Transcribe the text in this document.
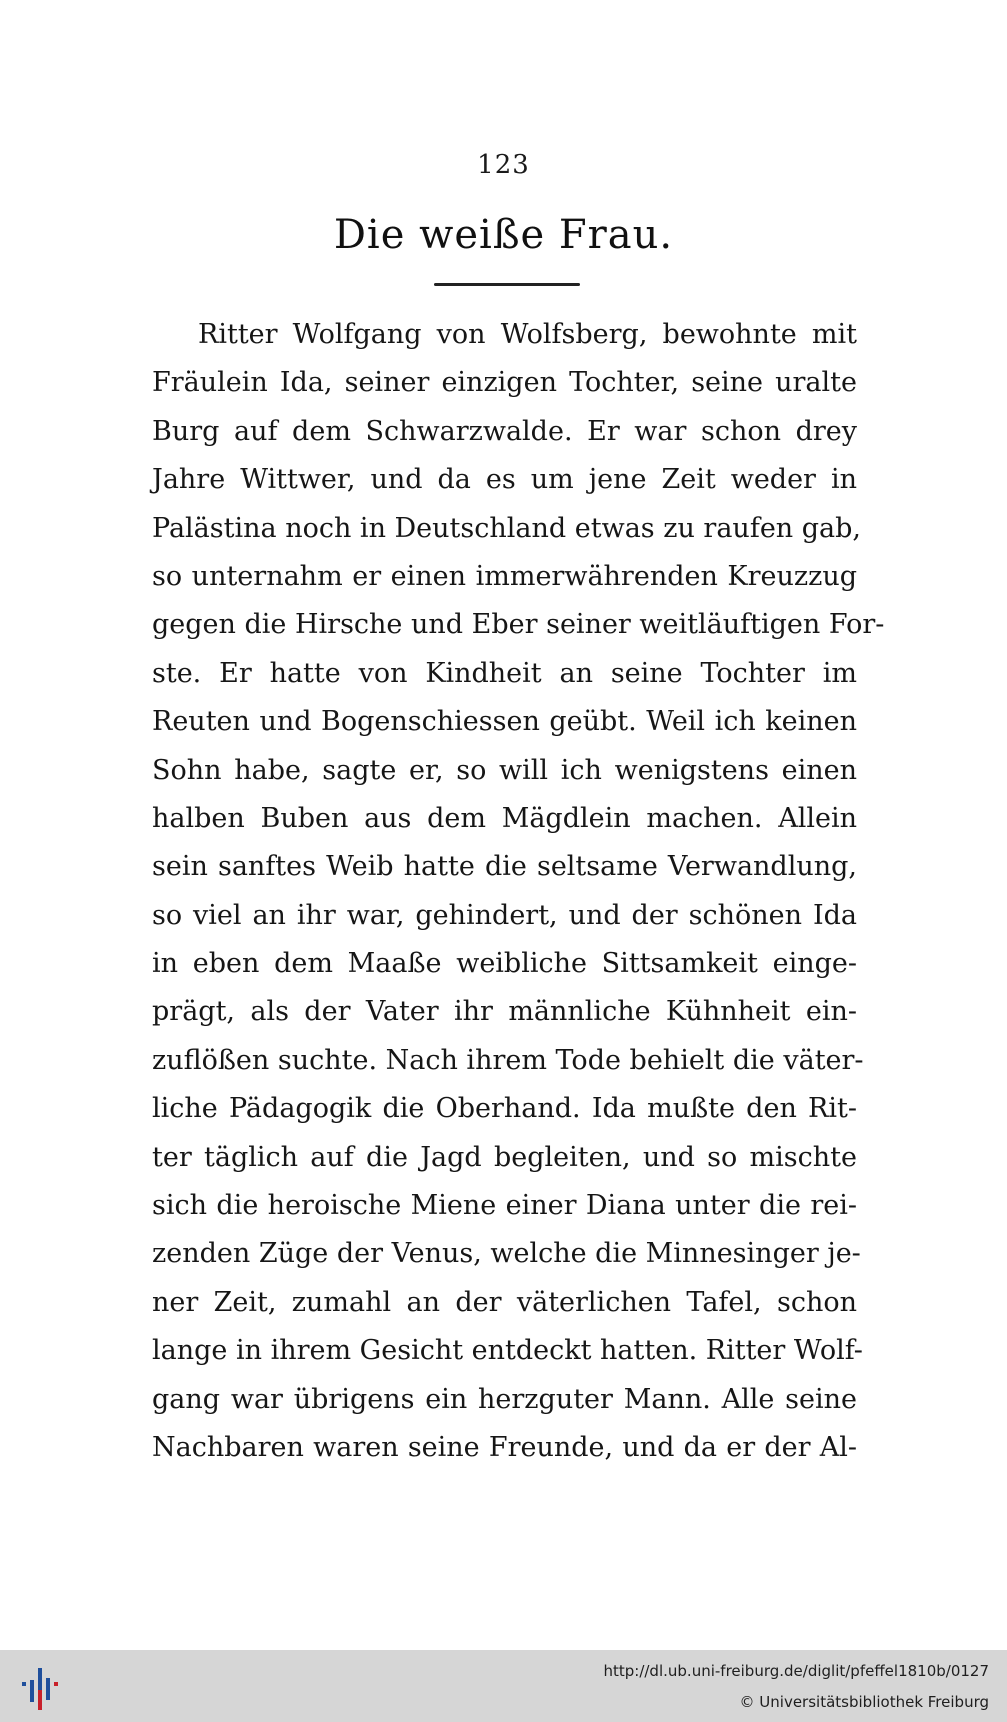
123
Die weiße Frau.
Ritter Wolfgang von Wolfsberg, bewohnte mit
Fräulein Ida, seiner einzigen Tochter, seine uralte
Burg auf dem Schwarzwalde. Er war schon drey
Jahre Wittwer, und da es um jene Zeit weder in
Palästina noch in Deutschland etwas zu raufen gab,
so unternahm er einen immerwährenden Kreuzzug
gegen die Hirsche und Eber seiner weitläuftigen For-
ste. Er hatte von Kindheit an seine Tochter im
Reuten und Bogenschiessen geübt. Weil ich keinen
Sohn habe, sagte er, so will ich wenigstens einen
halben Buben aus dem Mägdlein machen. Allein
sein sanftes Weib hatte die seltsame Verwandlung,
so viel an ihr war, gehindert, und der schönen Ida
in eben dem Maaße weibliche Sittsamkeit einge-
prägt, als der Vater ihr männliche Kühnheit ein-
zuflößen suchte. Nach ihrem Tode behielt die väter-
liche Pädagogik die Oberhand. Ida mußte den Rit-
ter täglich auf die Jagd begleiten, und so mischte
sich die heroische Miene einer Diana unter die rei-
zenden Züge der Venus, welche die Minnesinger je-
ner Zeit, zumahl an der väterlichen Tafel, schon
lange in ihrem Gesicht entdeckt hatten. Ritter Wolf-
gang war übrigens ein herzguter Mann. Alle seine
Nachbaren waren seine Freunde, und da er der Al-
http://dl.ub.uni-freiburg.de/diglit/pfeffel1810b/0127
© Universitätsbibliothek Freiburg
